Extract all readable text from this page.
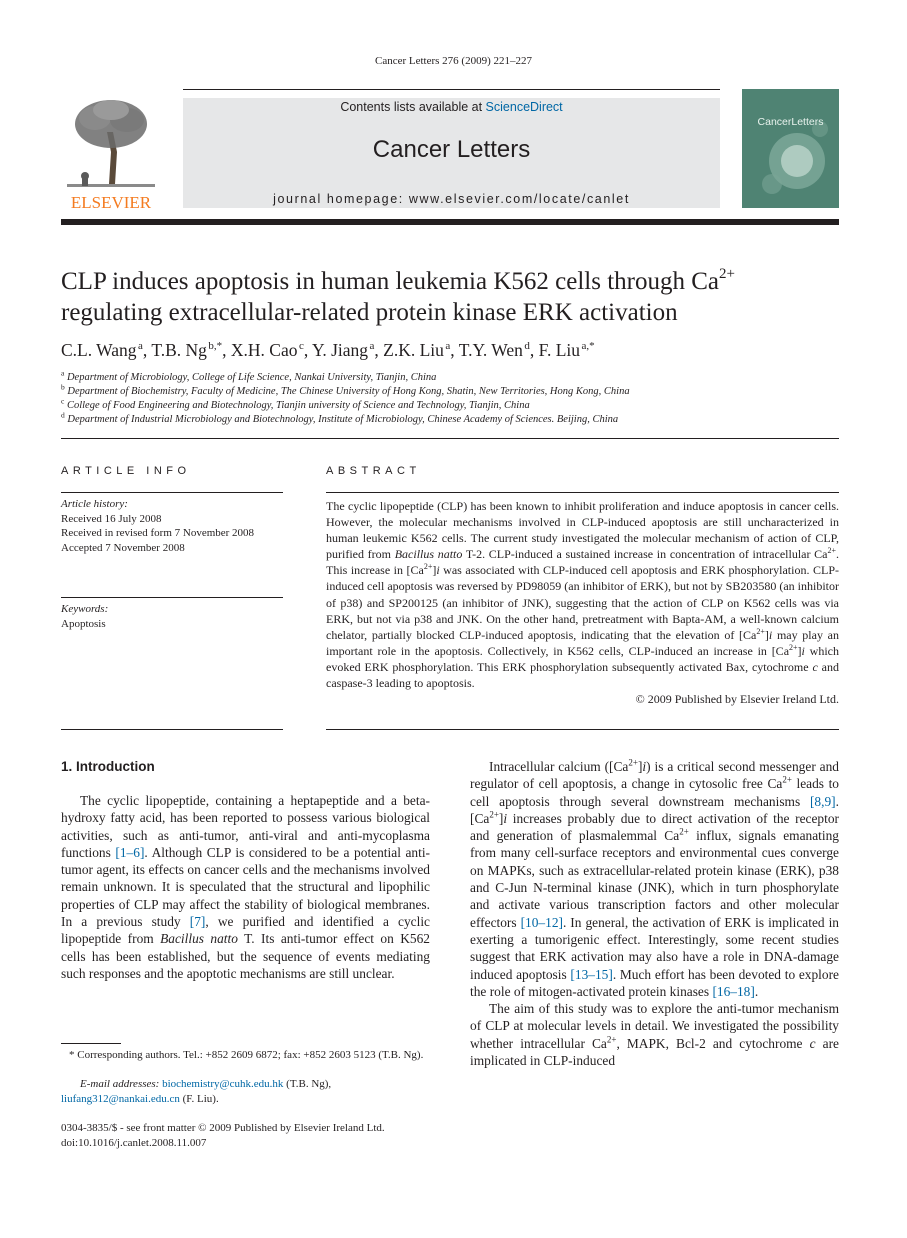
Cancer Letters 276 (2009) 221–227
ELSEVIER
Contents lists available at ScienceDirect
Cancer Letters
journal homepage: www.elsevier.com/locate/canlet
CancerLetters
CLP induces apoptosis in human leukemia K562 cells through $Ca^{2+}$
regulating extracellular-related protein kinase ERK activation
C.L. Wang $^a$, T.B. Ng $^{b,*}$, X.H. Cao $^c$, Y. Jiang $^a$, Z.K. Liu $^a$, T.Y. Wen $^d$, F. Liu $^{a,*}$
$^a$ Department of Microbiology, College of Life Science, Nankai University, Tianjin, China
$^b$ Department of Biochemistry, Faculty of Medicine, The Chinese University of Hong Kong, Shatin, New Territories, Hong Kong, China
$^c$ College of Food Engineering and Biotechnology, Tianjin university of Science and Technology, Tianjin, China
$^d$ Department of Industrial Microbiology and Biotechnology, Institute of Microbiology, Chinese Academy of Sciences. Beijing, China
ARTICLE INFO
Article history:
Received 16 July 2008
Received in revised form 7 November 2008
Accepted 7 November 2008
Keywords:
Apoptosis
ABSTRACT

The cyclic lipopeptide (CLP) has been known to inhibit proliferation and induce apoptosis in cancer cells. However, the molecular mechanisms involved in CLP-induced apoptosis are still uncharacterized in human leukemic K562 cells. The current study investigated the molecular mechanism of action of CLP, purified from Bacillus natto T-2. CLP-induced a sustained increase in concentration of intracellular $Ca^{2+}$. This increase in $[Ca^{2+}]i$ was associated with CLP-induced cell apoptosis and ERK phosphorylation. CLP-induced cell apoptosis was reversed by PD98059 (an inhibitor of ERK), but not by SB203580 (an inhibitor of p38) and SP200125 (an inhibitor of JNK), suggesting that the action of CLP on K562 cells was via ERK, but not via p38 and JNK. On the other hand, pretreatment with Bapta-AM, a well-known calcium chelator, partially blocked CLP-induced apoptosis, indicating that the elevation of $[Ca^{2+}]i$ may play an important role in the apoptosis. Collectively, in K562 cells, CLP-induced an increase in $[Ca^{2+}]i$ which evoked ERK phosphorylation. This ERK phosphorylation subsequently activated Bax, cytochrome c and caspase-3 leading to apoptosis.

© 2009 Published by Elsevier Ireland Ltd.

1. Introduction

The cyclic lipopeptide, containing a heptapeptide and a beta-hydroxy fatty acid, has been reported to possess various biological activities, such as anti-tumor, anti-viral and anti-mycoplasma functions [1–6]. Although CLP is considered to be a potential anti-tumor agent, its effects on cancer cells and the mechanisms involved remain unknown. It is speculated that the structural and lipophilic properties of CLP may affect the stability of biological membranes. In a previous study [7], we purified and identified a cyclic lipopeptide from Bacillus natto T. Its anti-tumor effect on K562 cells has been established, but the sequence of events mediating such responses and the apoptotic mechanisms are still unclear.

Intracellular calcium $([Ca^{2+}]i)$ is a critical second messenger and regulator of cell apoptosis, a change in cytosolic free $Ca^{2+}$ leads to cell apoptosis through several downstream mechanisms [8,9]. $[Ca^{2+}]i$ increases probably due to direct activation of the receptor and generation of plasmalemmal $Ca^{2+}$ influx, signals emanating from many cell-surface receptors and environmental cues converge on MAPKs, such as extracellular-related protein kinase (ERK), p38 and C-Jun N-terminal kinase (JNK), which in turn phosphorylate and activate various transcription factors and other molecular effectors [10–12]. In general, the activation of ERK is implicated in exerting a tumorigenic effect. Interestingly, some recent studies suggest that ERK activation may also have a role in DNA-damage induced apoptosis [13–15]. Much effort has been devoted to explore the role of mitogen-activated protein kinases [16–18].

The aim of this study was to explore the anti-tumor mechanism of CLP at molecular levels in detail. We investigated the possibility whether intracellular $Ca^{2+}$, MAPK, Bcl-2 and cytochrome c are implicated in CLP-induced

* Corresponding authors. Tel.: +852 2609 6872; fax: +852 2603 5123 (T.B. Ng).
E-mail addresses: biochemistry@cuhk.edu.hk (T.B. Ng), liufang312@nankai.edu.cn (F. Liu).
0304-3835/$ - see front matter © 2009 Published by Elsevier Ireland Ltd.
doi:10.1016/j.canlet.2008.11.007
